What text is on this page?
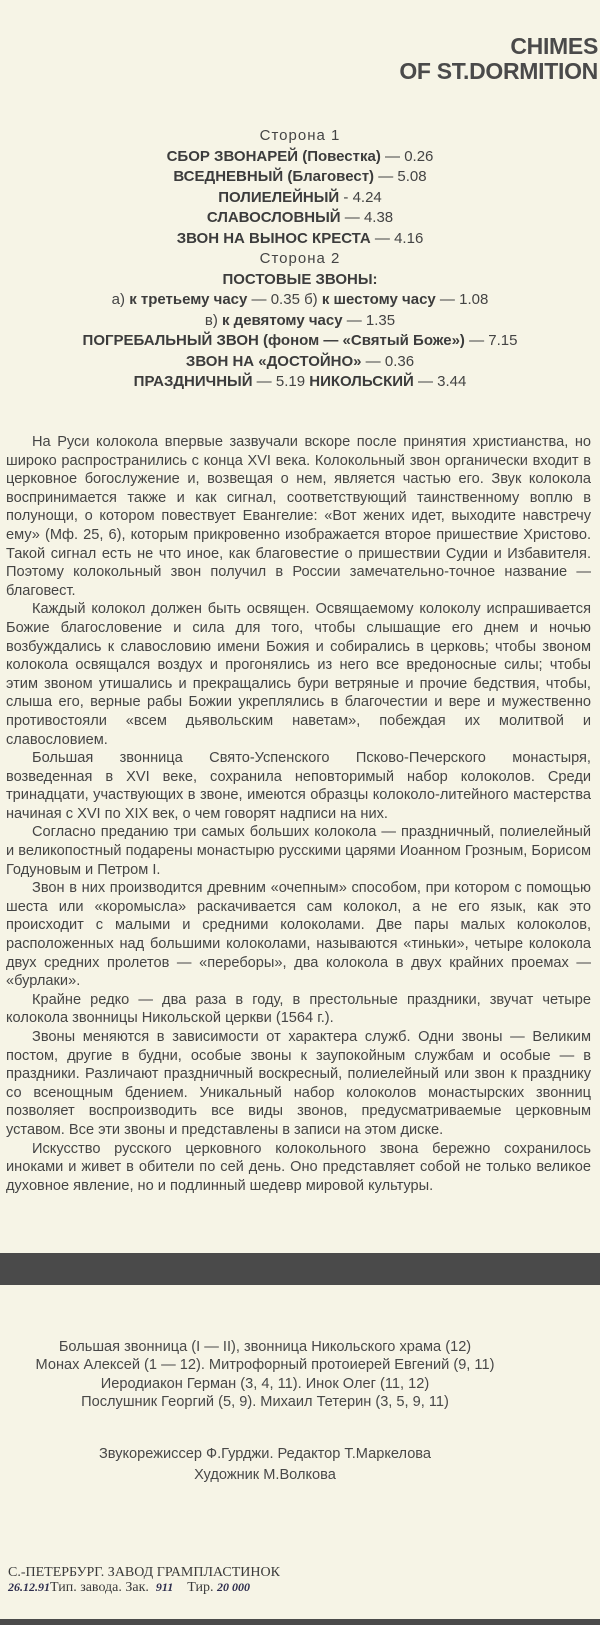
CHIMES
OF ST.DORMITION
Сторона 1
СБОР ЗВОНАРЕЙ (Повестка) — 0.26
ВСЕДНЕВНЫЙ (Благовест) — 5.08
ПОЛИЕЛЕЙНЫЙ - 4.24
СЛАВОСЛОВНЫЙ — 4.38
ЗВОН НА ВЫНОС КРЕСТА — 4.16
Сторона 2
ПОСТОВЫЕ ЗВОНЫ:
а) к третьему часу — 0.35 б) к шестому часу — 1.08
в) к девятому часу — 1.35
ПОГРЕБАЛЬНЫЙ ЗВОН (фоном — «Святый Боже») — 7.15
ЗВОН НА «ДОСТОЙНО» — 0.36
ПРАЗДНИЧНЫЙ — 5.19 НИКОЛЬСКИЙ — 3.44

На Руси колокола впервые зазвучали вскоре после принятия христианства, но широко распространились с конца XVI века. Колокольный звон органически входит в церковное богослужение и, возвещая о нем, является частью его. Звук колокола воспринимается также и как сигнал, соответствующий таинственному воплю в полунощи, о котором повествует Евангелие: «Вот жених идет, выходите навстречу ему» (Мф. 25, 6), которым прикровенно изображается второе пришествие Христово. Такой сигнал есть не что иное, как благовестие о пришествии Судии и Избавителя. Поэтому колокольный звон получил в России замечательно-точное название — благовест.

Каждый колокол должен быть освящен. Освящаемому колоколу испрашивается Божие благословение и сила для того, чтобы слышащие его днем и ночью возбуждались к славословию имени Божия и собирались в церковь; чтобы звоном колокола освящался воздух и прогонялись из него все вредоносные силы; чтобы этим звоном утишались и прекращались бури ветряные и прочие бедствия, чтобы, слыша его, верные рабы Божии укреплялись в благочестии и вере и мужественно противостояли «всем дьявольским наветам», побеждая их молитвой и славословием.

Большая звонница Свято-Успенского Псково-Печерского монастыря, возведенная в XVI веке, сохранила неповторимый набор колоколов. Среди тринадцати, участвующих в звоне, имеются образцы колоколо-литейного мастерства начиная с XVI по XIX век, о чем говорят надписи на них.

Согласно преданию три самых больших колокола — праздничный, полиелейный и великопостный подарены монастырю русскими царями Иоанном Грозным, Борисом Годуновым и Петром I.

Звон в них производится древним «очепным» способом, при котором с помощью шеста или «коромысла» раскачивается сам колокол, а не его язык, как это происходит с малыми и средними колоколами. Две пары малых колоколов, расположенных над большими колоколами, называются «тиньки», четыре колокола двух средних пролетов — «переборы», два колокола в двух крайних проемах — «бурлаки».

Крайне редко — два раза в году, в престольные праздники, звучат четыре колокола звонницы Никольской церкви (1564 г.).

Звоны меняются в зависимости от характера служб. Одни звоны — Великим постом, другие в будни, особые звоны к заупокойным службам и особые — в праздники. Различают праздничный воскресный, полиелейный или звон к празднику со всенощным бдением. Уникальный набор колоколов монастырских звонниц позволяет воспроизводить все виды звонов, предусматриваемые церковным уставом. Все эти звоны и представлены в записи на этом диске.

Искусство русского церковного колокольного звона бережно сохранилось иноками и живет в обители по сей день. Оно представляет собой не только великое духовное явление, но и подлинный шедевр мировой культуры.

Большая звонница (I — II), звонница Никольского храма (12)
Монах Алексей (1 — 12). Митрофорный протоиерей Евгений (9, 11)
Иеродиакон Герман (3, 4, 11). Инок Олег (11, 12)
Послушник Георгий (5, 9). Михаил Тетерин (3, 5, 9, 11)
Звукорежиссер Ф.Гурджи. Редактор Т.Маркелова
Художник М.Волкова
С.-ПЕТЕРБУРГ. ЗАВОД ГРАМПЛАСТИНОК
26.12.91Тип. завода. Зак. 911 Тир. 20 000
